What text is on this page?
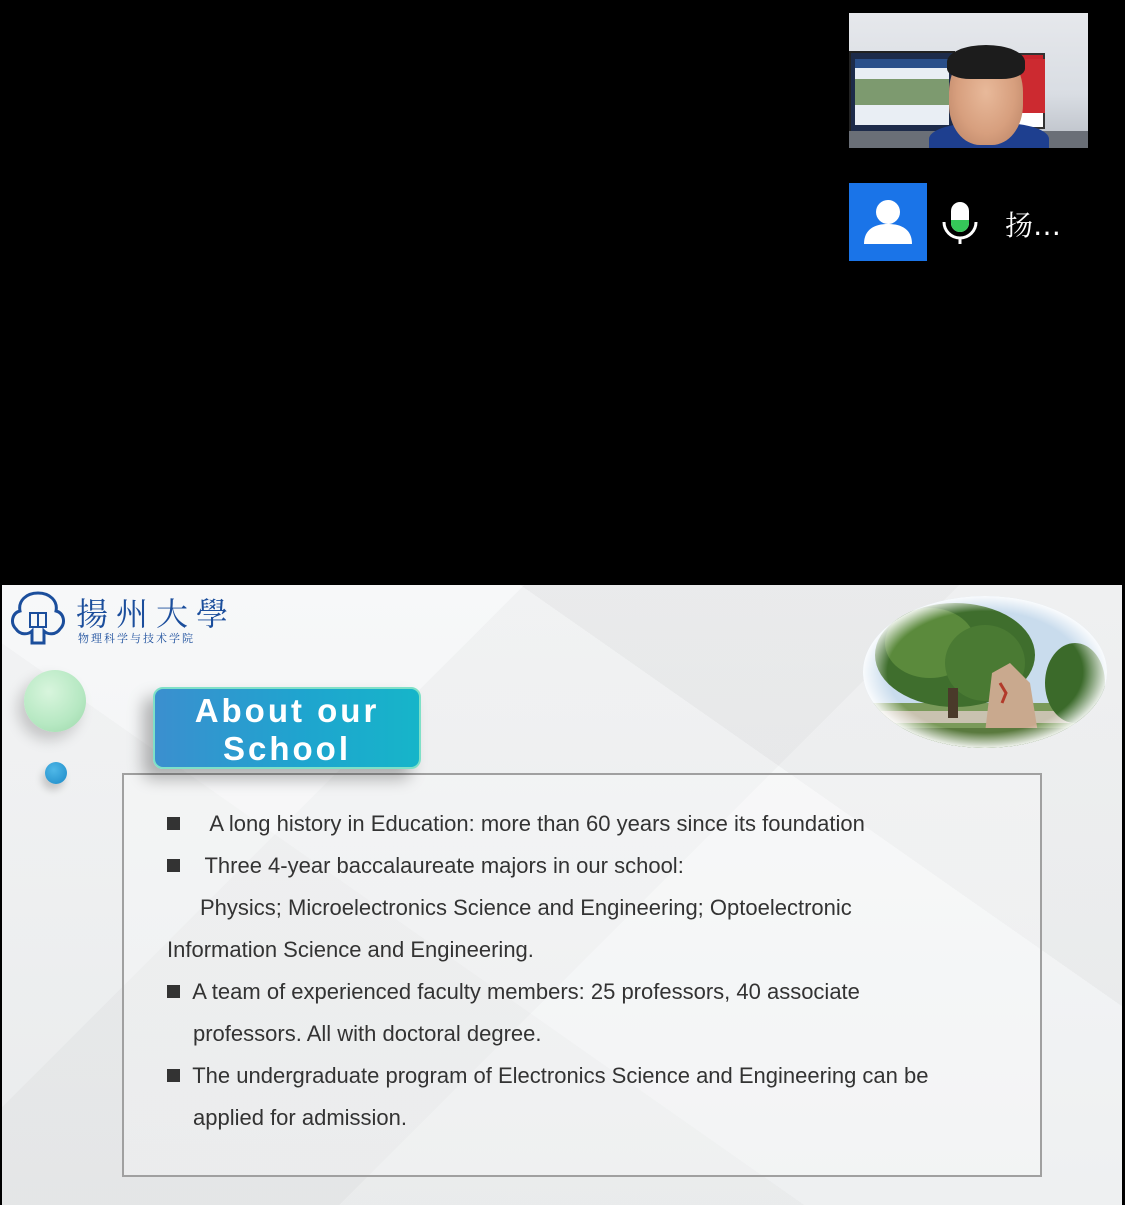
扬…
揚州大學
物理科学与技术学院
About our
School
A long history in Education: more than 60 years since its foundation
Three 4-year baccalaureate majors in our school:
Physics; Microelectronics Science and Engineering; Optoelectronic
Information Science and Engineering.
A team of experienced faculty members: 25 professors, 40 associate
professors. All with doctoral degree.
The undergraduate program of Electronics Science and Engineering can be
applied for admission.
